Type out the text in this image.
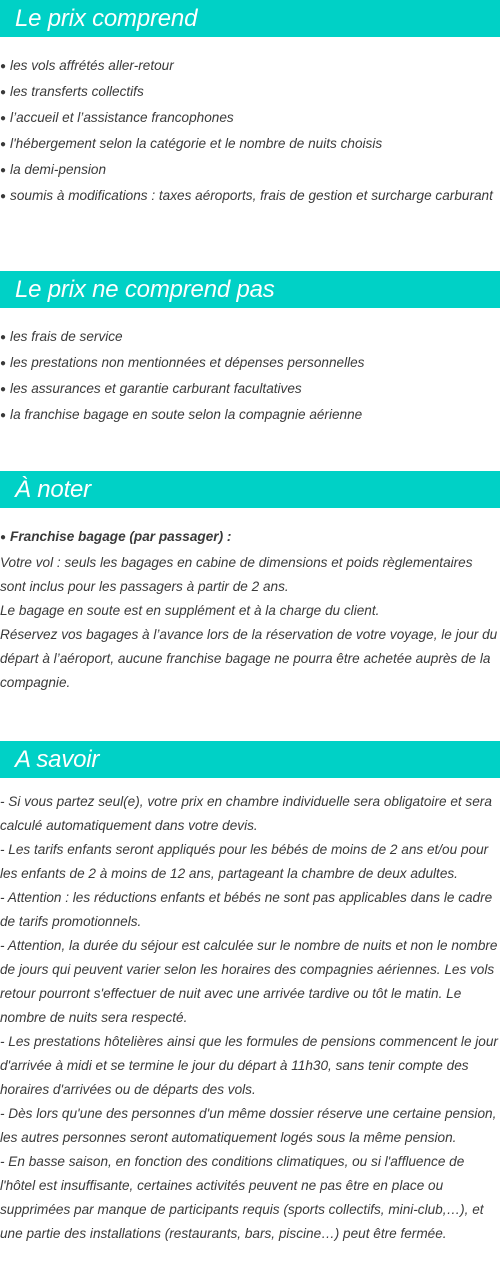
Le prix comprend

● les vols affrétés aller-retour

● les transferts collectifs

● l’accueil et l’assistance francophones

● l'hébergement selon la catégorie et le nombre de nuits choisis

● la demi-pension

● soumis à modifications : taxes aéroports, frais de gestion et surcharge carburant

Le prix ne comprend pas

● les frais de service

● les prestations non mentionnées et dépenses personnelles

● les assurances et garantie carburant facultatives

● la franchise bagage en soute selon la compagnie aérienne

À noter

● Franchise bagage (par passager) :

Votre vol : seuls les bagages en cabine de dimensions et poids règlementaires sont inclus pour les passagers à partir de 2 ans.

Le bagage en soute est en supplément et à la charge du client.

Réservez vos bagages à l’avance lors de la réservation de votre voyage, le jour du départ à l’aéroport, aucune franchise bagage ne pourra être achetée auprès de la compagnie.

A savoir

- Si vous partez seul(e), votre prix en chambre individuelle sera obligatoire et sera calculé automatiquement dans votre devis.

- Les tarifs enfants seront appliqués pour les bébés de moins de 2 ans et/ou pour les enfants de 2 à moins de 12 ans, partageant la chambre de deux adultes.

- Attention : les réductions enfants et bébés ne sont pas applicables dans le cadre de tarifs promotionnels.

- Attention, la durée du séjour est calculée sur le nombre de nuits et non le nombre de jours qui peuvent varier selon les horaires des compagnies aériennes. Les vols retour pourront s'effectuer de nuit avec une arrivée tardive ou tôt le matin. Le nombre de nuits sera respecté.

- Les prestations hôtelières ainsi que les formules de pensions commencent le jour d'arrivée à midi et se termine le jour du départ à 11h30, sans tenir compte des horaires d'arrivées ou de départs des vols.

- Dès lors qu'une des personnes d'un même dossier réserve une certaine pension, les autres personnes seront automatiquement logés sous la même pension.

- En basse saison, en fonction des conditions climatiques, ou si l'affluence de l'hôtel est insuffisante, certaines activités peuvent ne pas être en place ou supprimées par manque de participants requis (sports collectifs, mini-club,…), et une partie des installations (restaurants, bars, piscine…) peut être fermée.
